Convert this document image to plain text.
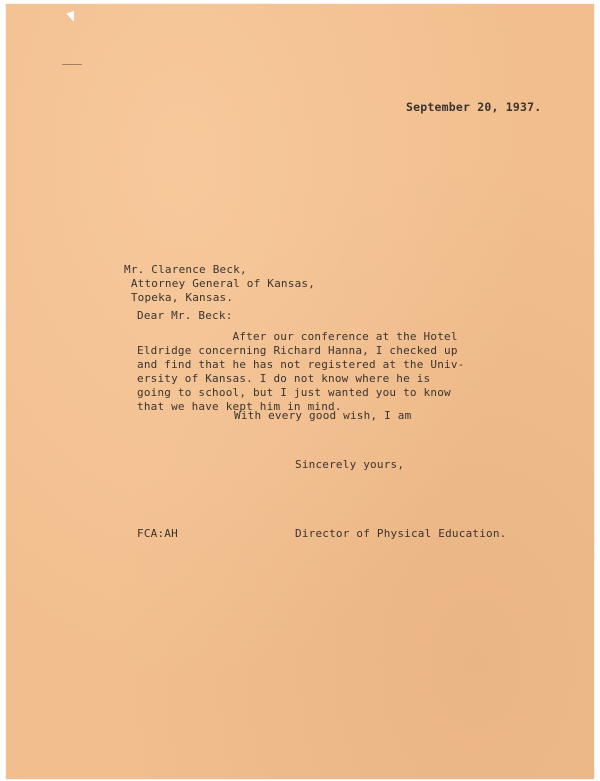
September 20, 1937.
Mr. Clarence Beck,
Attorney General of Kansas,
Topeka, Kansas.
Dear Mr. Beck:
After our conference at the Hotel
Eldridge concerning Richard Hanna, I checked up
and find that he has not registered at the Univ-
ersity of Kansas. I do not know where he is
going to school, but I just wanted you to know
that we have kept him in mind.
With every good wish, I am
Sincerely yours,
FCA:AH	Director of Physical Education.
